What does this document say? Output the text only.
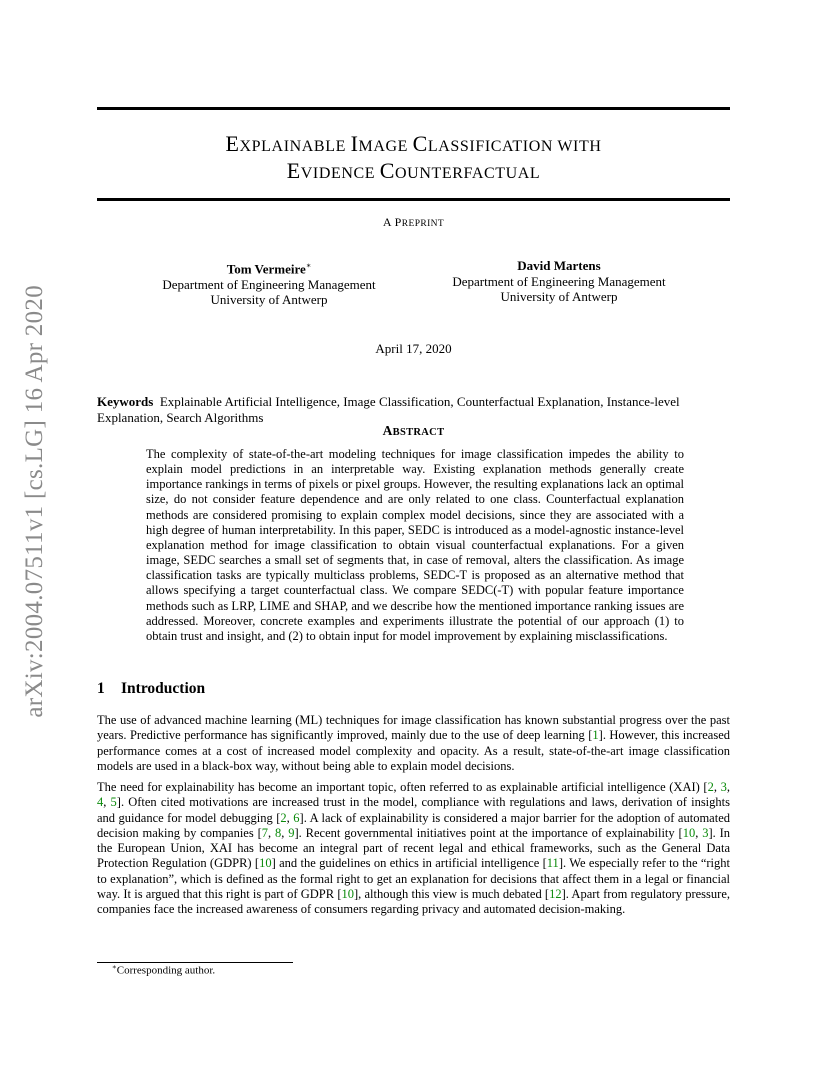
arXiv:2004.07511v1 [cs.LG] 16 Apr 2020
EXPLAINABLE IMAGE CLASSIFICATION WITH
EVIDENCE COUNTERFACTUAL
A PREPRINT
Tom Vermeire∗
Department of Engineering Management
University of Antwerp
David Martens
Department of Engineering Management
University of Antwerp
April 17, 2020
Keywords Explainable Artificial Intelligence, Image Classification, Counterfactual Explanation, Instance-level Explanation, Search Algorithms
ABSTRACT
The complexity of state-of-the-art modeling techniques for image classification impedes the ability to explain model predictions in an interpretable way. Existing explanation methods generally create importance rankings in terms of pixels or pixel groups. However, the resulting explanations lack an optimal size, do not consider feature dependence and are only related to one class. Counterfactual explanation methods are considered promising to explain complex model decisions, since they are associated with a high degree of human interpretability. In this paper, SEDC is introduced as a model-agnostic instance-level explanation method for image classification to obtain visual counterfactual explanations. For a given image, SEDC searches a small set of segments that, in case of removal, alters the classification. As image classification tasks are typically multiclass problems, SEDC-T is proposed as an alternative method that allows specifying a target counterfactual class. We compare SEDC(-T) with popular feature importance methods such as LRP, LIME and SHAP, and we describe how the mentioned importance ranking issues are addressed. Moreover, concrete examples and experiments illustrate the potential of our approach (1) to obtain trust and insight, and (2) to obtain input for model improvement by explaining misclassifications.
1 Introduction
The use of advanced machine learning (ML) techniques for image classification has known substantial progress over the past years. Predictive performance has significantly improved, mainly due to the use of deep learning [1]. However, this increased performance comes at a cost of increased model complexity and opacity. As a result, state-of-the-art image classification models are used in a black-box way, without being able to explain model decisions.
The need for explainability has become an important topic, often referred to as explainable artificial intelligence (XAI) [2, 3, 4, 5]. Often cited motivations are increased trust in the model, compliance with regulations and laws, derivation of insights and guidance for model debugging [2, 6]. A lack of explainability is considered a major barrier for the adoption of automated decision making by companies [7, 8, 9]. Recent governmental initiatives point at the importance of explainability [10, 3]. In the European Union, XAI has become an integral part of recent legal and ethical frameworks, such as the General Data Protection Regulation (GDPR) [10] and the guidelines on ethics in artificial intelligence [11]. We especially refer to the “right to explanation”, which is defined as the formal right to get an explanation for decisions that affect them in a legal or financial way. It is argued that this right is part of GDPR [10], although this view is much debated [12]. Apart from regulatory pressure, companies face the increased awareness of consumers regarding privacy and automated decision-making.
∗Corresponding author.
